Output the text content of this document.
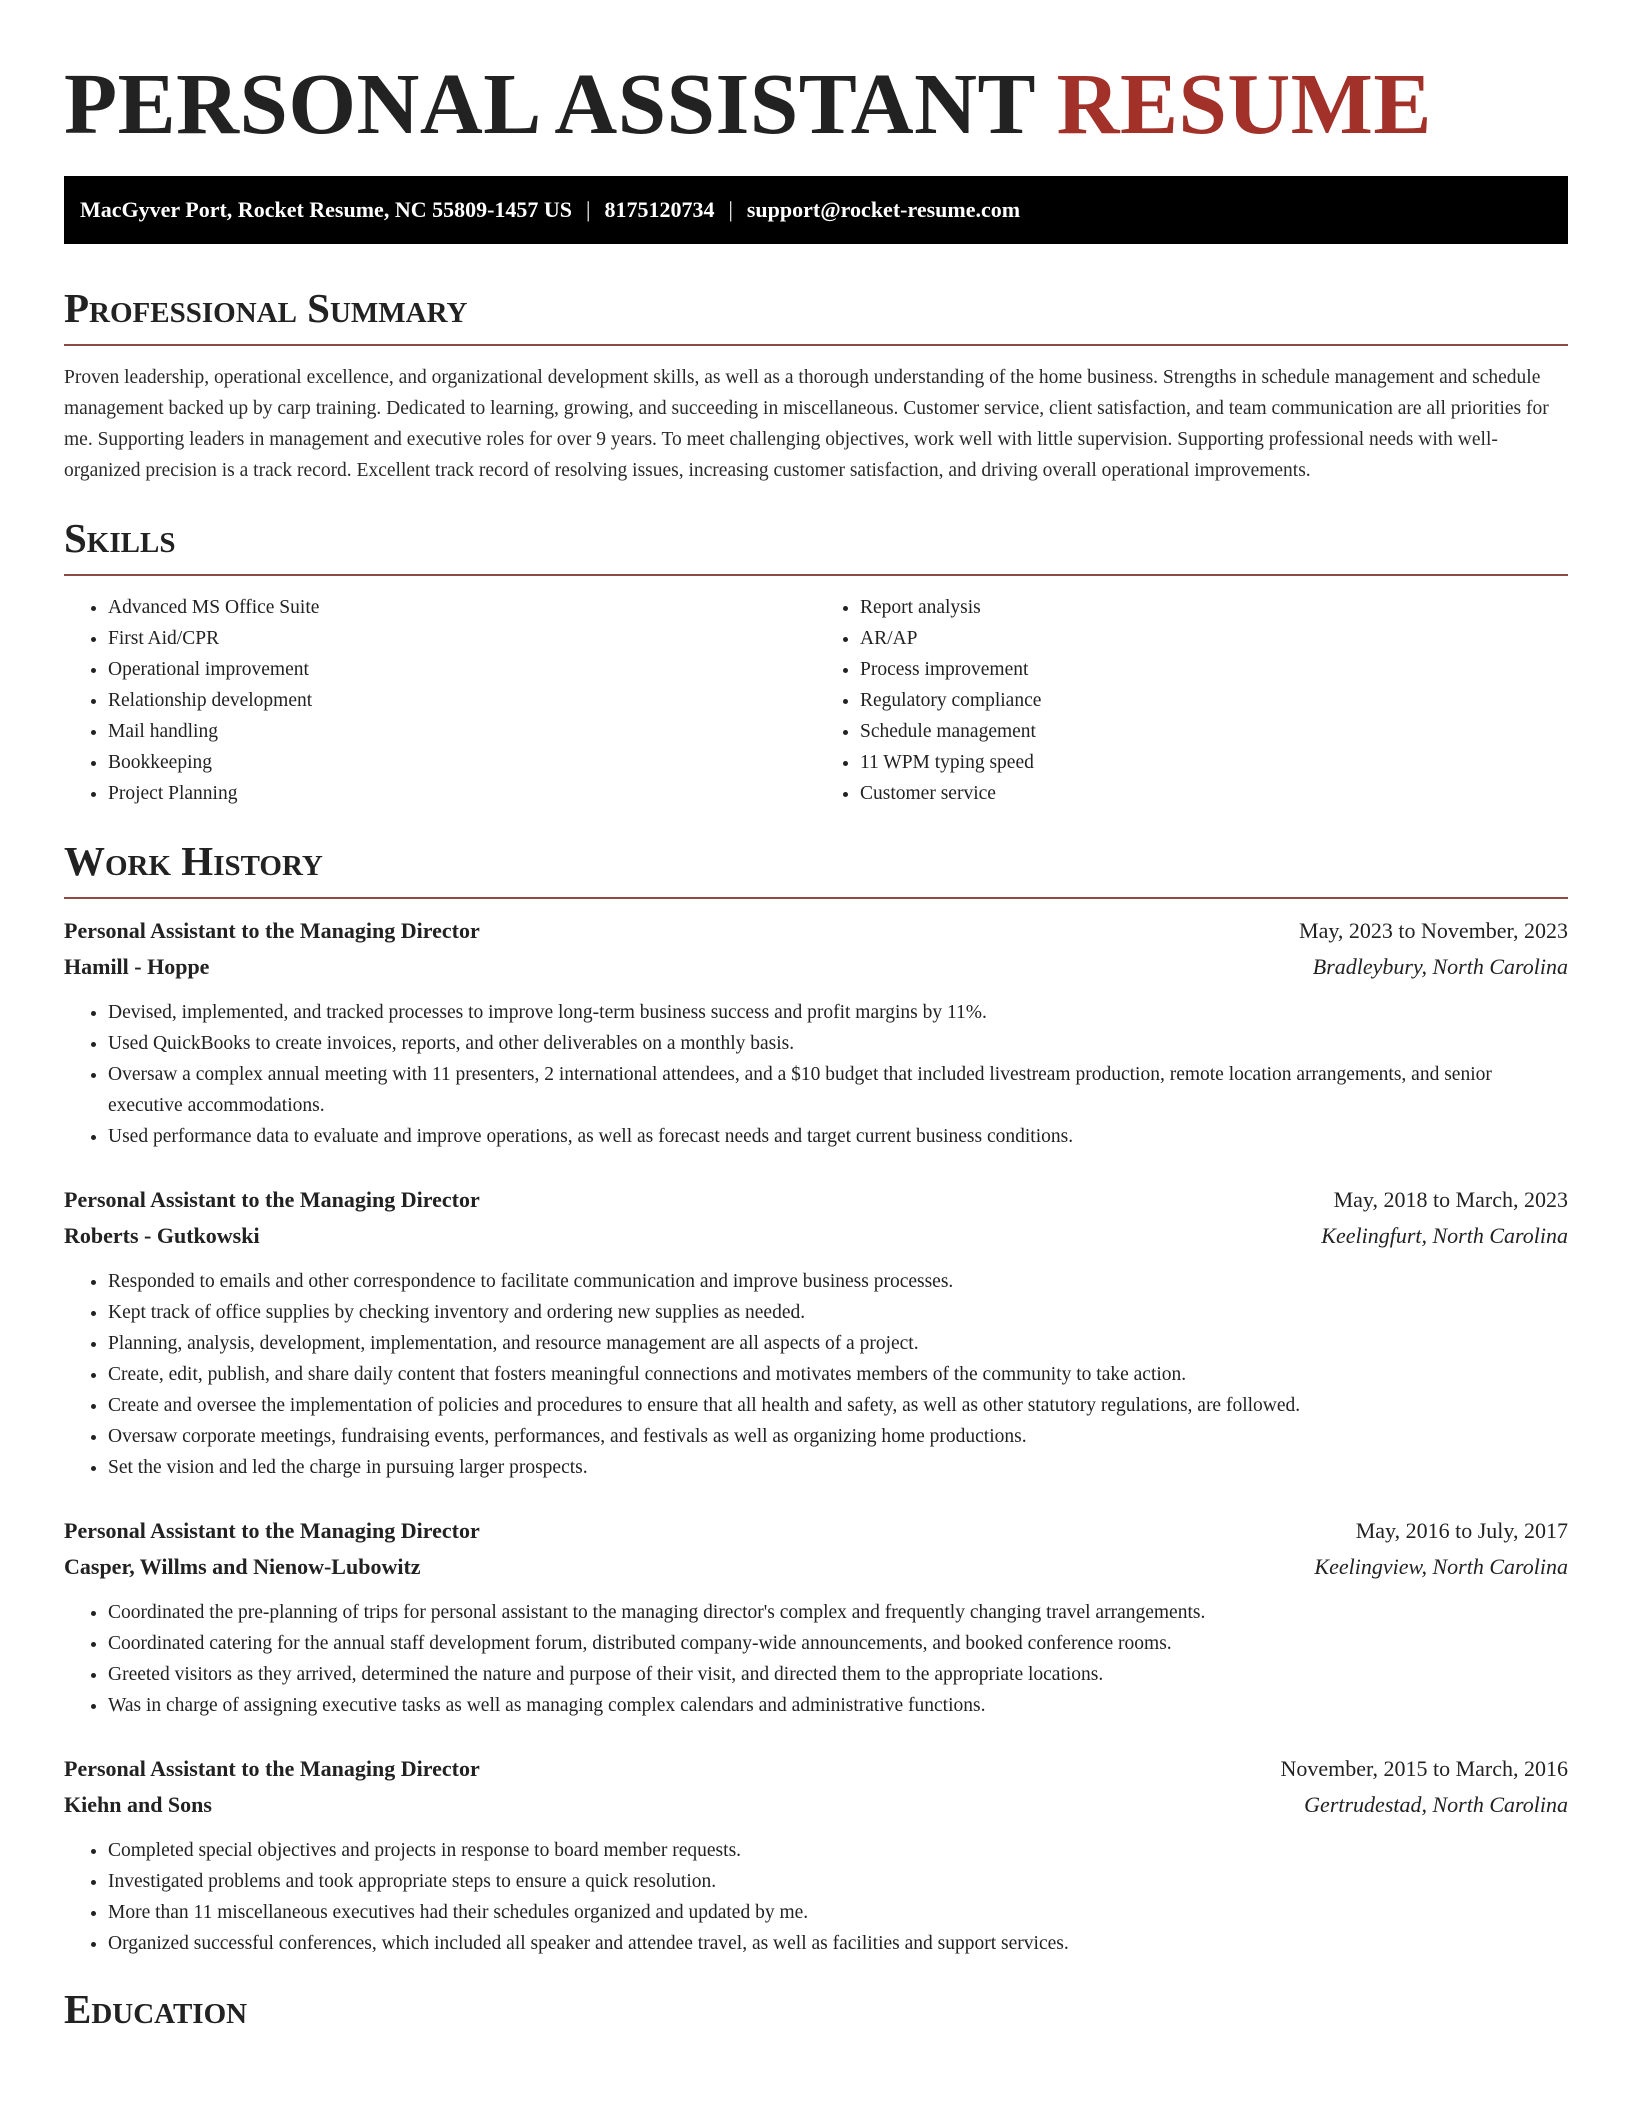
PERSONAL ASSISTANT RESUME
MacGyver Port, Rocket Resume, NC 55809-1457 US | 8175120734 | support@rocket-resume.com
Professional Summary

Proven leadership, operational excellence, and organizational development skills, as well as a thorough understanding of the home business. Strengths in schedule management and schedule management backed up by carp training. Dedicated to learning, growing, and succeeding in miscellaneous. Customer service, client satisfaction, and team communication are all priorities for me. Supporting leaders in management and executive roles for over 9 years. To meet challenging objectives, work well with little supervision. Supporting professional needs with well-organized precision is a track record. Excellent track record of resolving issues, increasing customer satisfaction, and driving overall operational improvements.

Skills
• Advanced MS Office Suite
• First Aid/CPR
• Operational improvement
• Relationship development
• Mail handling
• Bookkeeping
• Project Planning
• Report analysis
• AR/AP
• Process improvement
• Regulatory compliance
• Schedule management
• 11 WPM typing speed
• Customer service
Work History
Personal Assistant to the Managing Director	May, 2023 to November, 2023
Hamill - Hoppe	Bradleybury, North Carolina
• Devised, implemented, and tracked processes to improve long-term business success and profit margins by 11%.
• Used QuickBooks to create invoices, reports, and other deliverables on a monthly basis.
• Oversaw a complex annual meeting with 11 presenters, 2 international attendees, and a $10 budget that included livestream production, remote location arrangements, and senior executive accommodations.
• Used performance data to evaluate and improve operations, as well as forecast needs and target current business conditions.
Personal Assistant to the Managing Director	May, 2018 to March, 2023
Roberts - Gutkowski	Keelingfurt, North Carolina
• Responded to emails and other correspondence to facilitate communication and improve business processes.
• Kept track of office supplies by checking inventory and ordering new supplies as needed.
• Planning, analysis, development, implementation, and resource management are all aspects of a project.
• Create, edit, publish, and share daily content that fosters meaningful connections and motivates members of the community to take action.
• Create and oversee the implementation of policies and procedures to ensure that all health and safety, as well as other statutory regulations, are followed.
• Oversaw corporate meetings, fundraising events, performances, and festivals as well as organizing home productions.
• Set the vision and led the charge in pursuing larger prospects.
Personal Assistant to the Managing Director	May, 2016 to July, 2017
Casper, Willms and Nienow-Lubowitz	Keelingview, North Carolina
• Coordinated the pre-planning of trips for personal assistant to the managing director's complex and frequently changing travel arrangements.
• Coordinated catering for the annual staff development forum, distributed company-wide announcements, and booked conference rooms.
• Greeted visitors as they arrived, determined the nature and purpose of their visit, and directed them to the appropriate locations.
• Was in charge of assigning executive tasks as well as managing complex calendars and administrative functions.
Personal Assistant to the Managing Director	November, 2015 to March, 2016
Kiehn and Sons	Gertrudestad, North Carolina
• Completed special objectives and projects in response to board member requests.
• Investigated problems and took appropriate steps to ensure a quick resolution.
• More than 11 miscellaneous executives had their schedules organized and updated by me.
• Organized successful conferences, which included all speaker and attendee travel, as well as facilities and support services.
Education
